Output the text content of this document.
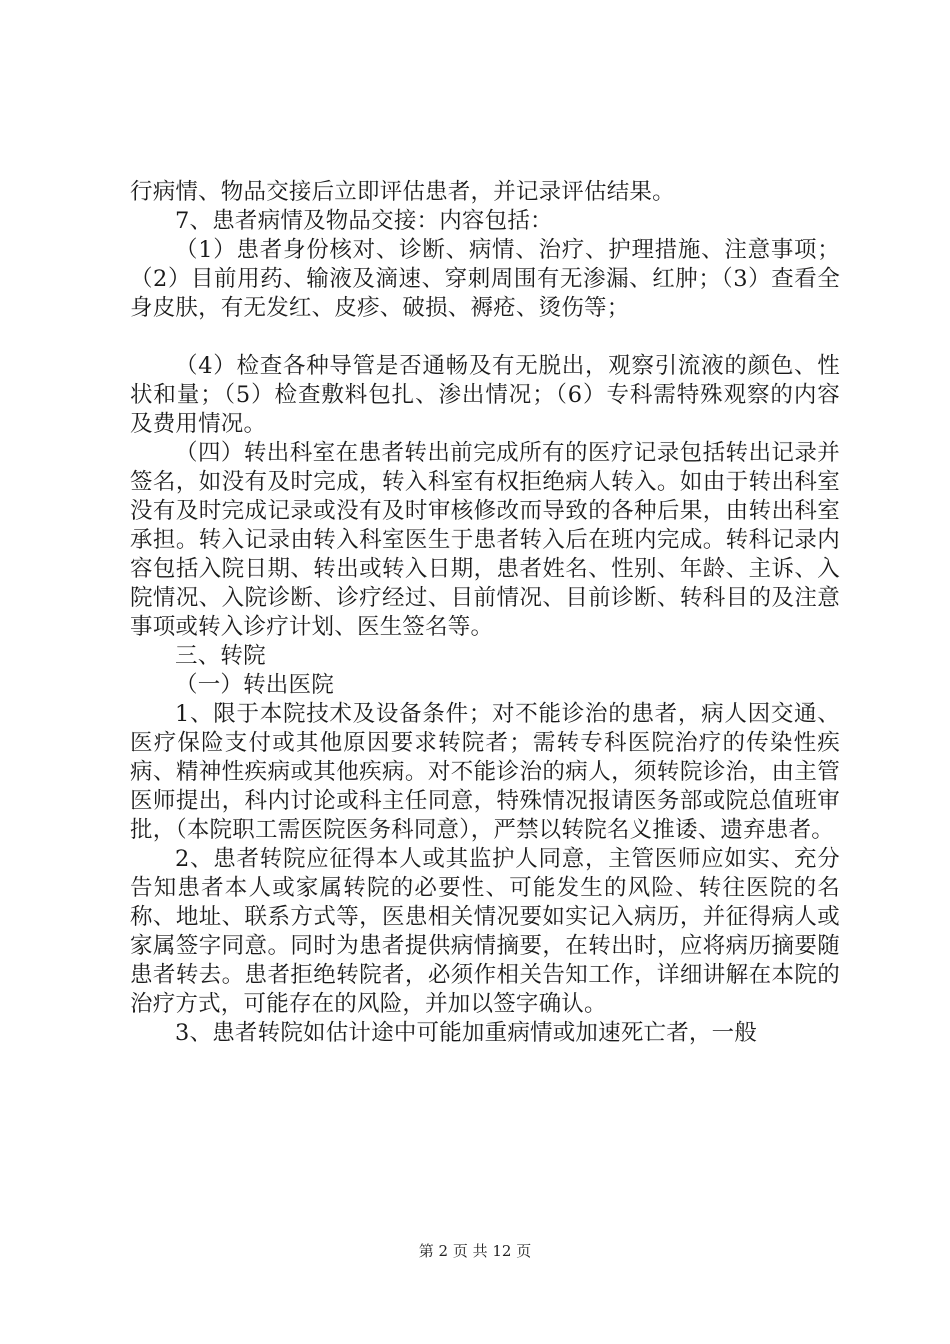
行病情、物品交接后立即评估患者，并记录评估结果。

7、患者病情及物品交接：内容包括：

（1）患者身份核对、诊断、病情、治疗、护理措施、注意事项；（2）目前用药、输液及滴速、穿刺周围有无渗漏、红肿；（3）查看全身皮肤，有无发红、皮疹、破损、褥疮、烫伤等；

（4）检查各种导管是否通畅及有无脱出，观察引流液的颜色、性状和量；（5）检查敷料包扎、渗出情况；（6）专科需特殊观察的内容及费用情况。

（四）转出科室在患者转出前完成所有的医疗记录包括转出记录并签名，如没有及时完成，转入科室有权拒绝病人转入。如由于转出科室没有及时完成记录或没有及时审核修改而导致的各种后果，由转出科室承担。转入记录由转入科室医生于患者转入后在班内完成。转科记录内容包括入院日期、转出或转入日期，患者姓名、性别、年龄、主诉、入院情况、入院诊断、诊疗经过、目前情况、目前诊断、转科目的及注意事项或转入诊疗计划、医生签名等。

三、转院

（一）转出医院

1、限于本院技术及设备条件；对不能诊治的患者，病人因交通、医疗保险支付或其他原因要求转院者；需转专科医院治疗的传染性疾病、精神性疾病或其他疾病。对不能诊治的病人，须转院诊治，由主管医师提出，科内讨论或科主任同意，特殊情况报请医务部或院总值班审批，（本院职工需医院医务科同意），严禁以转院名义推诿、遗弃患者。

2、患者转院应征得本人或其监护人同意，主管医师应如实、充分告知患者本人或家属转院的必要性、可能发生的风险、转往医院的名称、地址、联系方式等，医患相关情况要如实记入病历，并征得病人或家属签字同意。同时为患者提供病情摘要，在转出时，应将病历摘要随患者转去。患者拒绝转院者，必须作相关告知工作，详细讲解在本院的治疗方式，可能存在的风险，并加以签字确认。

3、患者转院如估计途中可能加重病情或加速死亡者，一般

第 2 页 共 12 页
